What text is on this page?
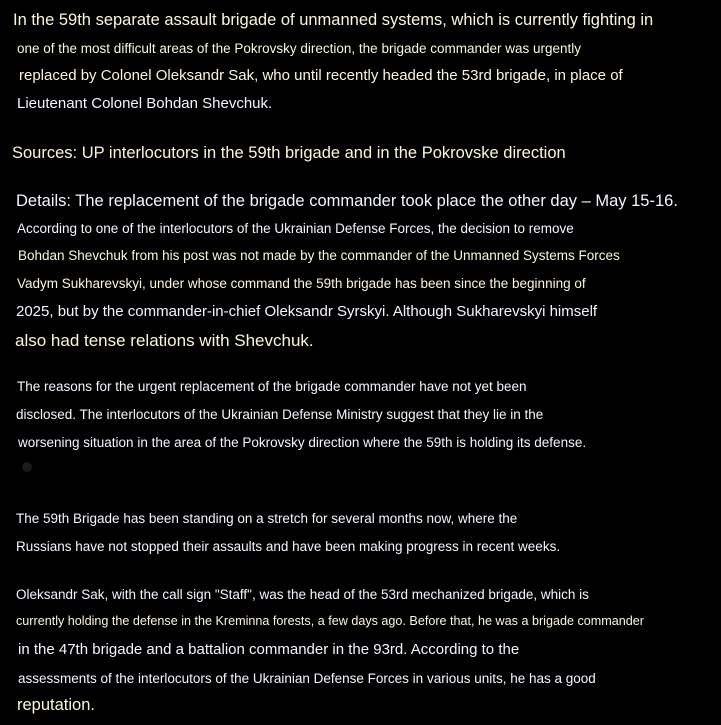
In the 59th separate assault brigade of unmanned systems, which is currently fighting in
one of the most difficult areas of the Pokrovsky direction, the brigade commander was urgently
replaced by Colonel Oleksandr Sak, who until recently headed the 53rd brigade, in place of
Lieutenant Colonel Bohdan Shevchuk.
Sources: UP interlocutors in the 59th brigade and in the Pokrovske direction
Details: The replacement of the brigade commander took place the other day – May 15-16.
According to one of the interlocutors of the Ukrainian Defense Forces, the decision to remove
Bohdan Shevchuk from his post was not made by the commander of the Unmanned Systems Forces
Vadym Sukharevskyi, under whose command the 59th brigade has been since the beginning of
2025, but by the commander-in-chief Oleksandr Syrskyi. Although Sukharevskyi himself
also had tense relations with Shevchuk.
The reasons for the urgent replacement of the brigade commander have not yet been
disclosed. The interlocutors of the Ukrainian Defense Ministry suggest that they lie in the
worsening situation in the area of the Pokrovsky direction where the 59th is holding its defense.
The 59th Brigade has been standing on a stretch for several months now, where the
Russians have not stopped their assaults and have been making progress in recent weeks.
Oleksandr Sak, with the call sign "Staff", was the head of the 53rd mechanized brigade, which is
currently holding the defense in the Kreminna forests, a few days ago. Before that, he was a brigade commander
in the 47th brigade and a battalion commander in the 93rd. According to the
assessments of the interlocutors of the Ukrainian Defense Forces in various units, he has a good
reputation.
